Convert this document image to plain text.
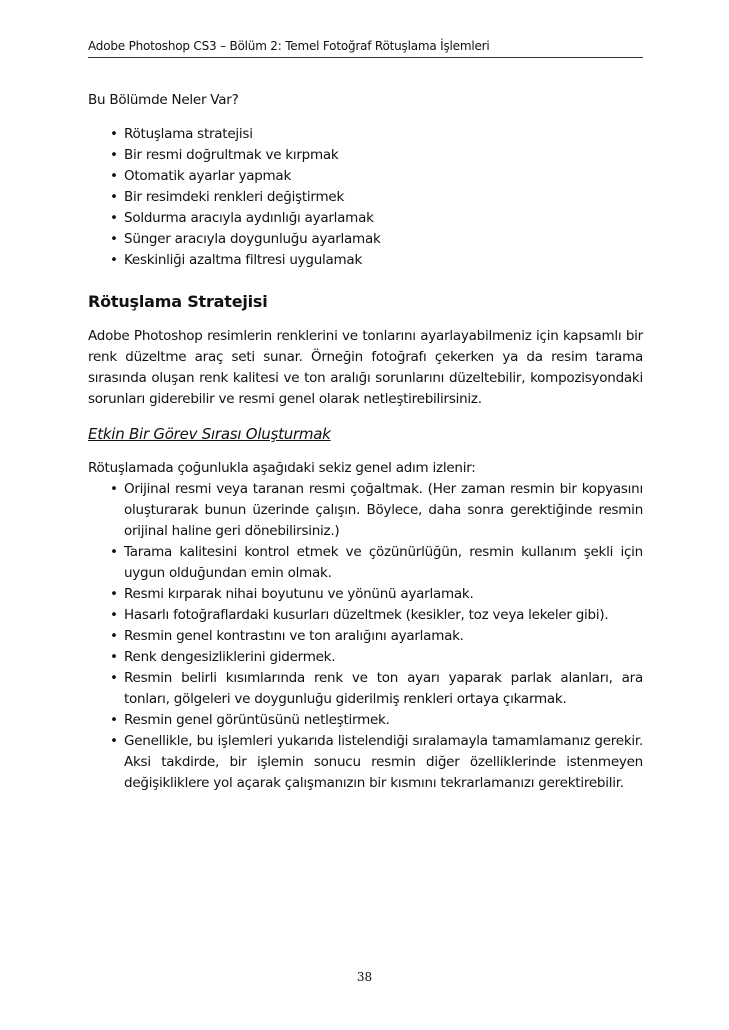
Adobe Photoshop CS3 – Bölüm 2: Temel Fotoğraf Rötuşlama İşlemleri
Bu Bölümde Neler Var?
• Rötuşlama stratejisi
• Bir resmi doğrultmak ve kırpmak
• Otomatik ayarlar yapmak
• Bir resimdeki renkleri değiştirmek
• Soldurma aracıyla aydınlığı ayarlamak
• Sünger aracıyla doygunluğu ayarlamak
• Keskinliği azaltma filtresi uygulamak
Rötuşlama Stratejisi

Adobe Photoshop resimlerin renklerini ve tonlarını ayarlayabilmeniz için kapsamlı bir renk düzeltme araç seti sunar. Örneğin fotoğrafı çekerken ya da resim tarama sırasında oluşan renk kalitesi ve ton aralığı sorunlarını düzeltebilir, kompozisyondaki sorunları giderebilir ve resmi genel olarak netleştirebilirsiniz.

Etkin Bir Görev Sırası Oluşturmak

Rötuşlamada çoğunlukla aşağıdaki sekiz genel adım izlenir:

• Orijinal resmi veya taranan resmi çoğaltmak. (Her zaman resmin bir kopyasını oluşturarak bunun üzerinde çalışın. Böylece, daha sonra gerektiğinde resmin orijinal haline geri dönebilirsiniz.)
• Tarama kalitesini kontrol etmek ve çözünürlüğün, resmin kullanım şekli için uygun olduğundan emin olmak.
• Resmi kırparak nihai boyutunu ve yönünü ayarlamak.
• Hasarlı fotoğraflardaki kusurları düzeltmek (kesikler, toz veya lekeler gibi).
• Resmin genel kontrastını ve ton aralığını ayarlamak.
• Renk dengesizliklerini gidermek.
• Resmin belirli kısımlarında renk ve ton ayarı yaparak parlak alanları, ara tonları, gölgeleri ve doygunluğu giderilmiş renkleri ortaya çıkarmak.
• Resmin genel görüntüsünü netleştirmek.
• Genellikle, bu işlemleri yukarıda listelendiği sıralamayla tamamlamanız gerekir. Aksi takdirde, bir işlemin sonucu resmin diğer özelliklerinde istenmeyen değişikliklere yol açarak çalışmanızın bir kısmını tekrarlamanızı gerektirebilir.
38
